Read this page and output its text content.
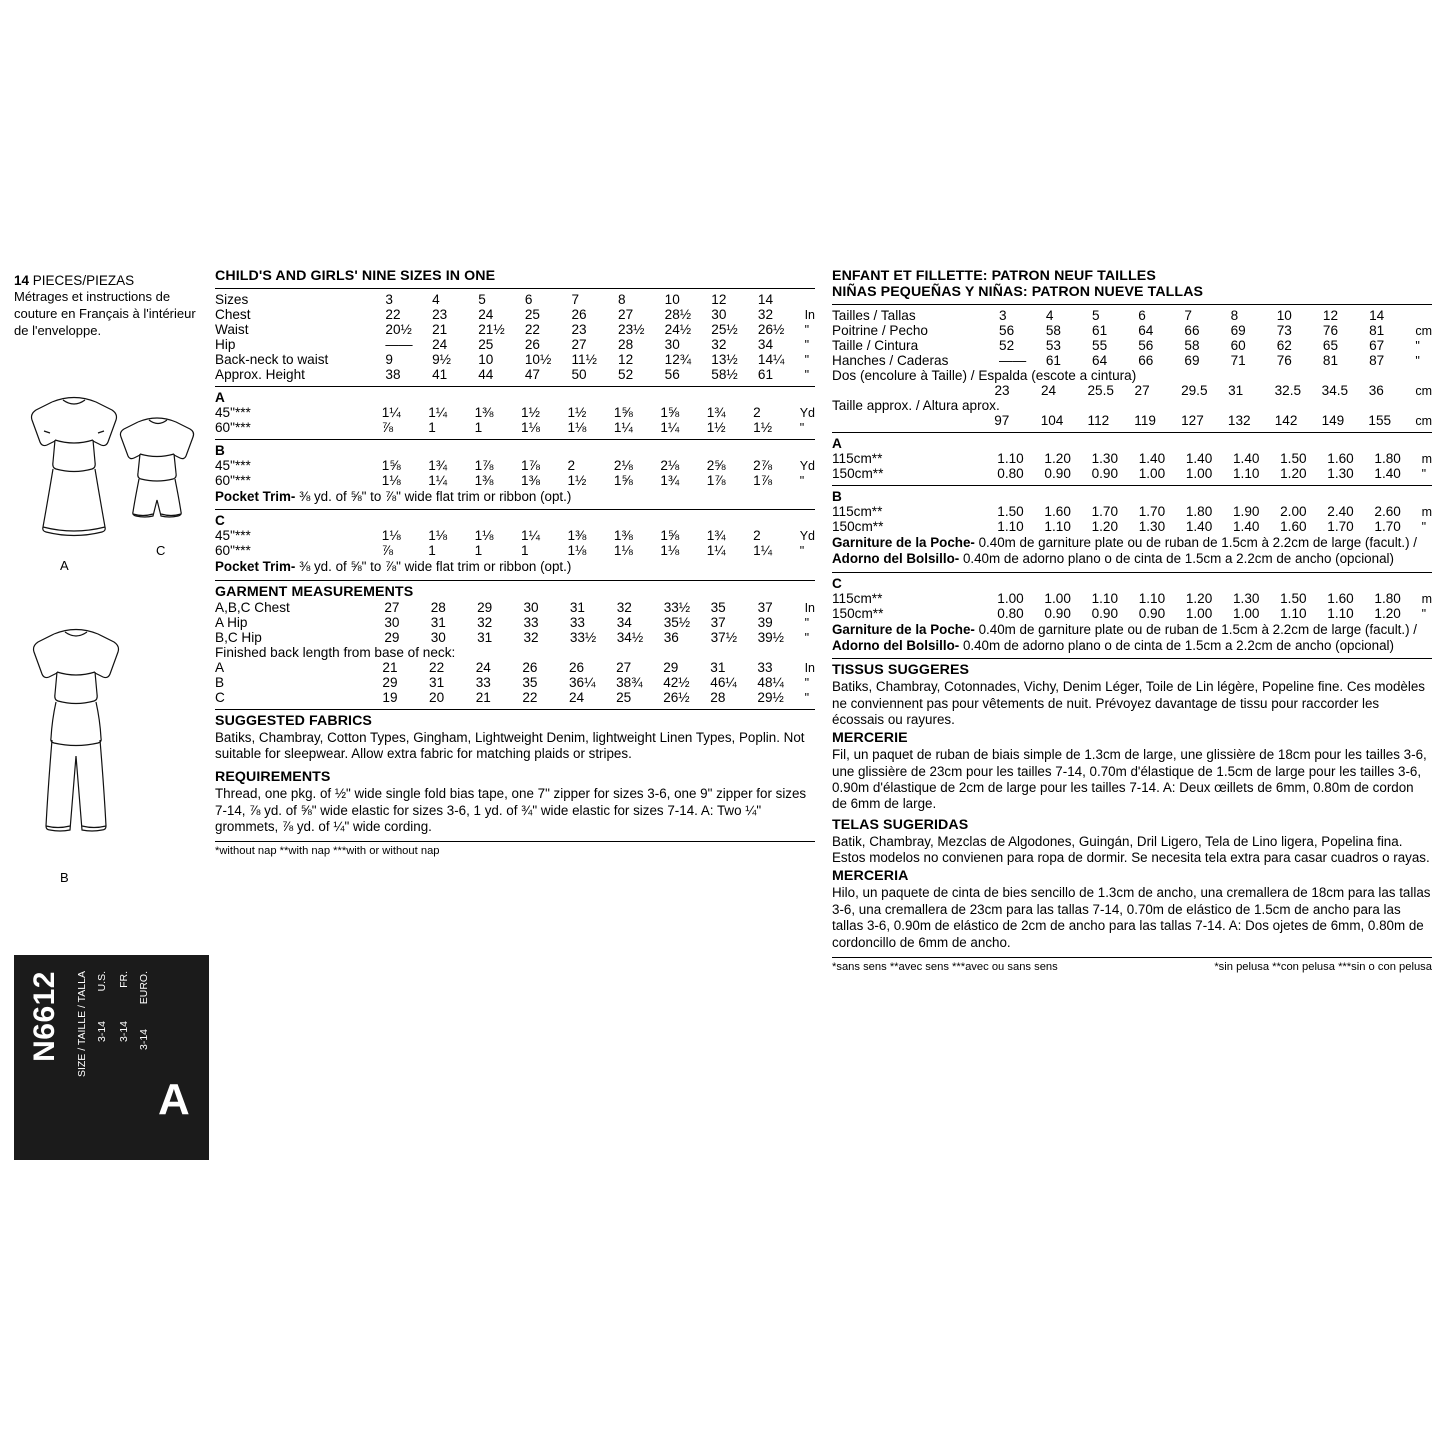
14 PIECES/PIEZAS
Métrages et instructions de couture en Français à l'intérieur de l'enveloppe.
A
C
B
N6612 SIZE / TAILLE / TALLA U.S.
3-14
FR.
3-14
EURO.
3-14
A
CHILD'S AND GIRLS' NINE SIZES IN ONE
Sizes	3	4	5	6	7	8	10	12	14	
Chest	22	23	24	25	26	27	28½	30	32	In
Waist	20½	21	21½	22	23	23½	24½	25½	26½	"
Hip	——	24	25	26	27	28	30	32	34	"
Back-neck to waist	9	9½	10	10½	11½	12	12¾	13½	14¼	"
Approx. Height	38	41	44	47	50	52	56	58½	61	"
A
45"***	1¼	1¼	1⅜	1½	1½	1⅝	1⅝	1¾	2	Yd
60"***	⅞	1	1	1⅛	1⅛	1¼	1¼	1½	1½	"
B
45"***	1⅝	1¾	1⅞	1⅞	2	2⅛	2⅛	2⅝	2⅞	Yd
60"***	1⅛	1¼	1⅜	1⅜	1½	1⅝	1¾	1⅞	1⅞	"
Pocket Trim- ⅜ yd. of ⅝" to ⅞" wide flat trim or ribbon (opt.)
C
45"***	1⅛	1⅛	1⅛	1¼	1⅜	1⅜	1⅝	1¾	2	Yd
60"***	⅞	1	1	1	1⅛	1⅛	1⅛	1¼	1¼	"
Pocket Trim- ⅜ yd. of ⅝" to ⅞" wide flat trim or ribbon (opt.)
GARMENT MEASUREMENTS
A,B,C Chest	27	28	29	30	31	32	33½	35	37	In
A Hip	30	31	32	33	33	34	35½	37	39	"
B,C Hip	29	30	31	32	33½	34½	36	37½	39½	"
Finished back length from base of neck:
A	21	22	24	26	26	27	29	31	33	In
B	29	31	33	35	36¼	38¾	42½	46¼	48¼	"
C	19	20	21	22	24	25	26½	28	29½	"
SUGGESTED FABRICS
Batiks, Chambray, Cotton Types, Gingham, Lightweight Denim, lightweight Linen Types, Poplin. Not suitable for sleepwear. Allow extra fabric for matching plaids or stripes.
REQUIREMENTS
Thread, one pkg. of ½" wide single fold bias tape, one 7" zipper for sizes 3-6, one 9" zipper for sizes 7-14, ⅞ yd. of ⅝" wide elastic for sizes 3-6, 1 yd. of ¾" wide elastic for sizes 7-14. A: Two ¼" grommets, ⅞ yd. of ¼" wide cording.
*without nap **with nap ***with or without nap
ENFANT ET FILLETTE: PATRON NEUF TAILLES
NIÑAS PEQUEÑAS Y NIÑAS: PATRON NUEVE TALLAS
Tailles / Tallas	3	4	5	6	7	8	10	12	14	
Poitrine / Pecho	56	58	61	64	66	69	73	76	81	cm
Taille / Cintura	52	53	55	56	58	60	62	65	67	"
Hanches / Caderas	——	61	64	66	69	71	76	81	87	"
Dos (encolure à Taille) / Espalda (escote a cintura)
	23	24	25.5	27	29.5	31	32.5	34.5	36	cm
Taille approx. / Altura aprox.
	97	104	112	119	127	132	142	149	155	cm
A
115cm**	1.10	1.20	1.30	1.40	1.40	1.40	1.50	1.60	1.80	m
150cm**	0.80	0.90	0.90	1.00	1.00	1.10	1.20	1.30	1.40	"
B
115cm**	1.50	1.60	1.70	1.70	1.80	1.90	2.00	2.40	2.60	m
150cm**	1.10	1.10	1.20	1.30	1.40	1.40	1.60	1.70	1.70	"
Garniture de la Poche- 0.40m de garniture plate ou de ruban de 1.5cm à 2.2cm de large (facult.) / Adorno del Bolsillo- 0.40m de adorno plano o de cinta de 1.5cm a 2.2cm de ancho (opcional)
C
115cm**	1.00	1.00	1.10	1.10	1.20	1.30	1.50	1.60	1.80	m
150cm**	0.80	0.90	0.90	0.90	1.00	1.00	1.10	1.10	1.20	"
Garniture de la Poche- 0.40m de garniture plate ou de ruban de 1.5cm à 2.2cm de large (facult.) / Adorno del Bolsillo- 0.40m de adorno plano o de cinta de 1.5cm a 2.2cm de ancho (opcional)
TISSUS SUGGERES
Batiks, Chambray, Cotonnades, Vichy, Denim Léger, Toile de Lin légère, Popeline fine. Ces modèles ne conviennent pas pour vêtements de nuit. Prévoyez davantage de tissu pour raccorder les écossais ou rayures.
MERCERIE
Fil, un paquet de ruban de biais simple de 1.3cm de large, une glissière de 18cm pour les tailles 3-6, une glissière de 23cm pour les tailles 7-14, 0.70m d'élastique de 1.5cm de large pour les tailles 3-6, 0.90m d'élastique de 2cm de large pour les tailles 7-14. A: Deux œillets de 6mm, 0.80m de cordon de 6mm de large.
TELAS SUGERIDAS
Batik, Chambray, Mezclas de Algodones, Guingán, Dril Ligero, Tela de Lino ligera, Popelina fina. Estos modelos no convienen para ropa de dormir. Se necesita tela extra para casar cuadros o rayas.
MERCERIA
Hilo, un paquete de cinta de bies sencillo de 1.3cm de ancho, una cremallera de 18cm para las tallas 3-6, una cremallera de 23cm para las tallas 7-14, 0.70m de elástico de 1.5cm de ancho para las tallas 3-6, 0.90m de elástico de 2cm de ancho para las tallas 7-14. A: Dos ojetes de 6mm, 0.80m de cordoncillo de 6mm de ancho.
*sans sens **avec sens ***avec ou sans sens	*sin pelusa **con pelusa ***sin o con pelusa
